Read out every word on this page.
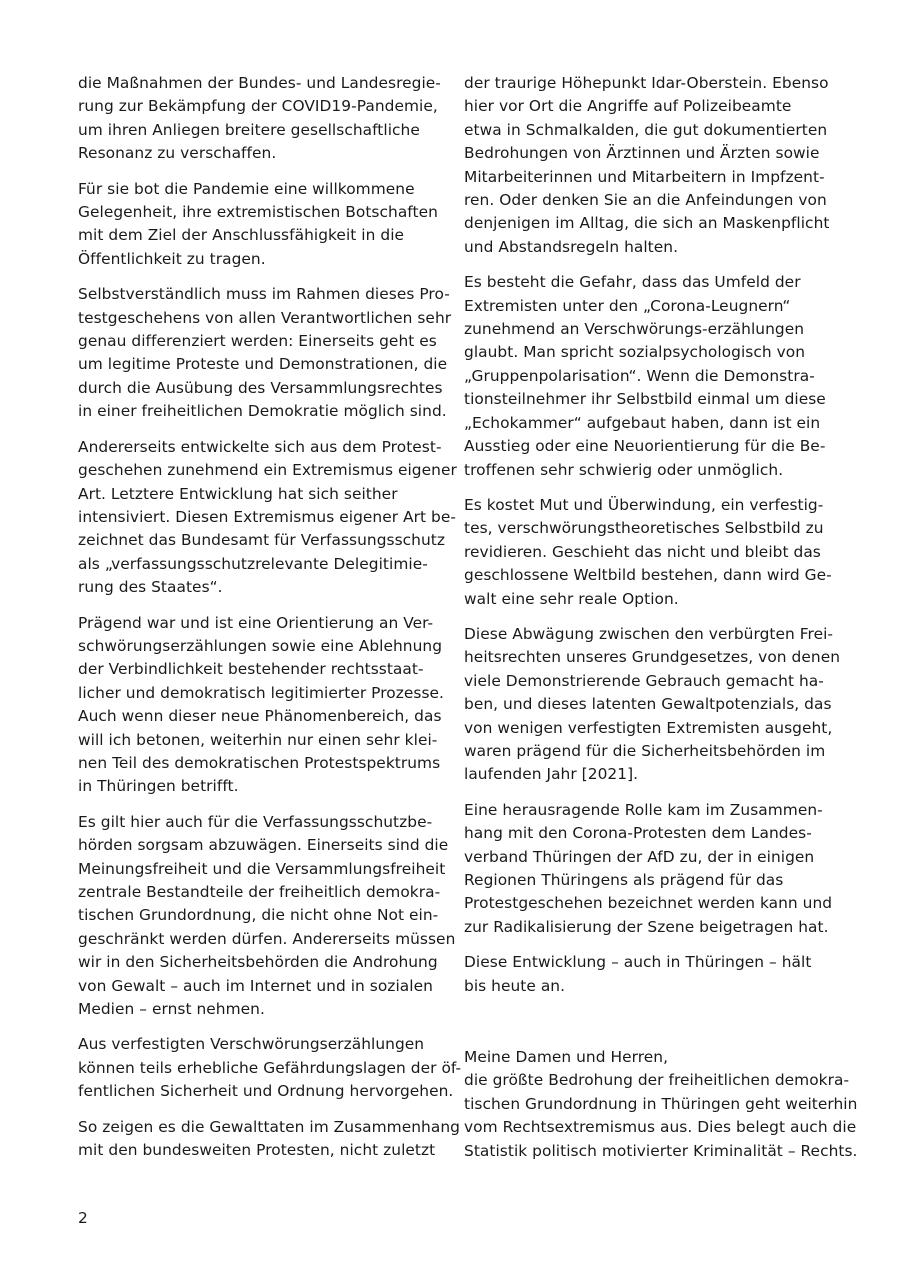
die Maßnahmen der Bundes- und Landesregie-
rung zur Bekämpfung der COVID19-Pandemie,
um ihren Anliegen breitere gesellschaftliche
Resonanz zu verschaffen.

Für sie bot die Pandemie eine willkommene
Gelegenheit, ihre extremistischen Botschaften
mit dem Ziel der Anschlussfähigkeit in die
Öffentlichkeit zu tragen.

Selbstverständlich muss im Rahmen dieses Pro-
testgeschehens von allen Verantwortlichen sehr
genau differenziert werden: Einerseits geht es
um legitime Proteste und Demonstrationen, die
durch die Ausübung des Versammlungsrechtes
in einer freiheitlichen Demokratie möglich sind.

Andererseits entwickelte sich aus dem Protest-
geschehen zunehmend ein Extremismus eigener
Art. Letztere Entwicklung hat sich seither
intensiviert. Diesen Extremismus eigener Art be-
zeichnet das Bundesamt für Verfassungsschutz
als „verfassungsschutzrelevante Delegitimie-
rung des Staates“.

Prägend war und ist eine Orientierung an Ver-
schwörungserzählungen sowie eine Ablehnung
der Verbindlichkeit bestehender rechtsstaat-
licher und demokratisch legitimierter Prozesse.
Auch wenn dieser neue Phänomenbereich, das
will ich betonen, weiterhin nur einen sehr klei-
nen Teil des demokratischen Protestspektrums
in Thüringen betrifft.

Es gilt hier auch für die Verfassungsschutzbe-
hörden sorgsam abzuwägen. Einerseits sind die
Meinungsfreiheit und die Versammlungsfreiheit
zentrale Bestandteile der freiheitlich demokra-
tischen Grundordnung, die nicht ohne Not ein-
geschränkt werden dürfen. Andererseits müssen
wir in den Sicherheitsbehörden die Androhung
von Gewalt – auch im Internet und in sozialen
Medien – ernst nehmen.

Aus verfestigten Verschwörungserzählungen
können teils erhebliche Gefährdungslagen der öf-
fentlichen Sicherheit und Ordnung hervorgehen.

So zeigen es die Gewalttaten im Zusammenhang
mit den bundesweiten Protesten, nicht zuletzt

der traurige Höhepunkt Idar-Oberstein. Ebenso
hier vor Ort die Angriffe auf Polizeibeamte
etwa in Schmalkalden, die gut dokumentierten
Bedrohungen von Ärztinnen und Ärzten sowie
Mitarbeiterinnen und Mitarbeitern in Impfzent-
ren. Oder denken Sie an die Anfeindungen von
denjenigen im Alltag, die sich an Maskenpflicht
und Abstandsregeln halten.

Es besteht die Gefahr, dass das Umfeld der
Extremisten unter den „Corona-Leugnern“
zunehmend an Verschwörungs-erzählungen
glaubt. Man spricht sozialpsychologisch von
„Gruppenpolarisation“. Wenn die Demonstra-
tionsteilnehmer ihr Selbstbild einmal um diese
„Echokammer“ aufgebaut haben, dann ist ein
Ausstieg oder eine Neuorientierung für die Be-
troffenen sehr schwierig oder unmöglich.

Es kostet Mut und Überwindung, ein verfestig-
tes, verschwörungstheoretisches Selbstbild zu
revidieren. Geschieht das nicht und bleibt das
geschlossene Weltbild bestehen, dann wird Ge-
walt eine sehr reale Option.

Diese Abwägung zwischen den verbürgten Frei-
heitsrechten unseres Grundgesetzes, von denen
viele Demonstrierende Gebrauch gemacht ha-
ben, und dieses latenten Gewaltpotenzials, das
von wenigen verfestigten Extremisten ausgeht,
waren prägend für die Sicherheitsbehörden im
laufenden Jahr [2021].

Eine herausragende Rolle kam im Zusammen-
hang mit den Corona-Protesten dem Landes-
verband Thüringen der AfD zu, der in einigen
Regionen Thüringens als prägend für das
Protestgeschehen bezeichnet werden kann und
zur Radikalisierung der Szene beigetragen hat.

Diese Entwicklung – auch in Thüringen – hält
bis heute an.

Meine Damen und Herren,
die größte Bedrohung der freiheitlichen demokra-
tischen Grundordnung in Thüringen geht weiterhin
vom Rechtsextremismus aus. Dies belegt auch die
Statistik politisch motivierter Kriminalität – Rechts.

2
